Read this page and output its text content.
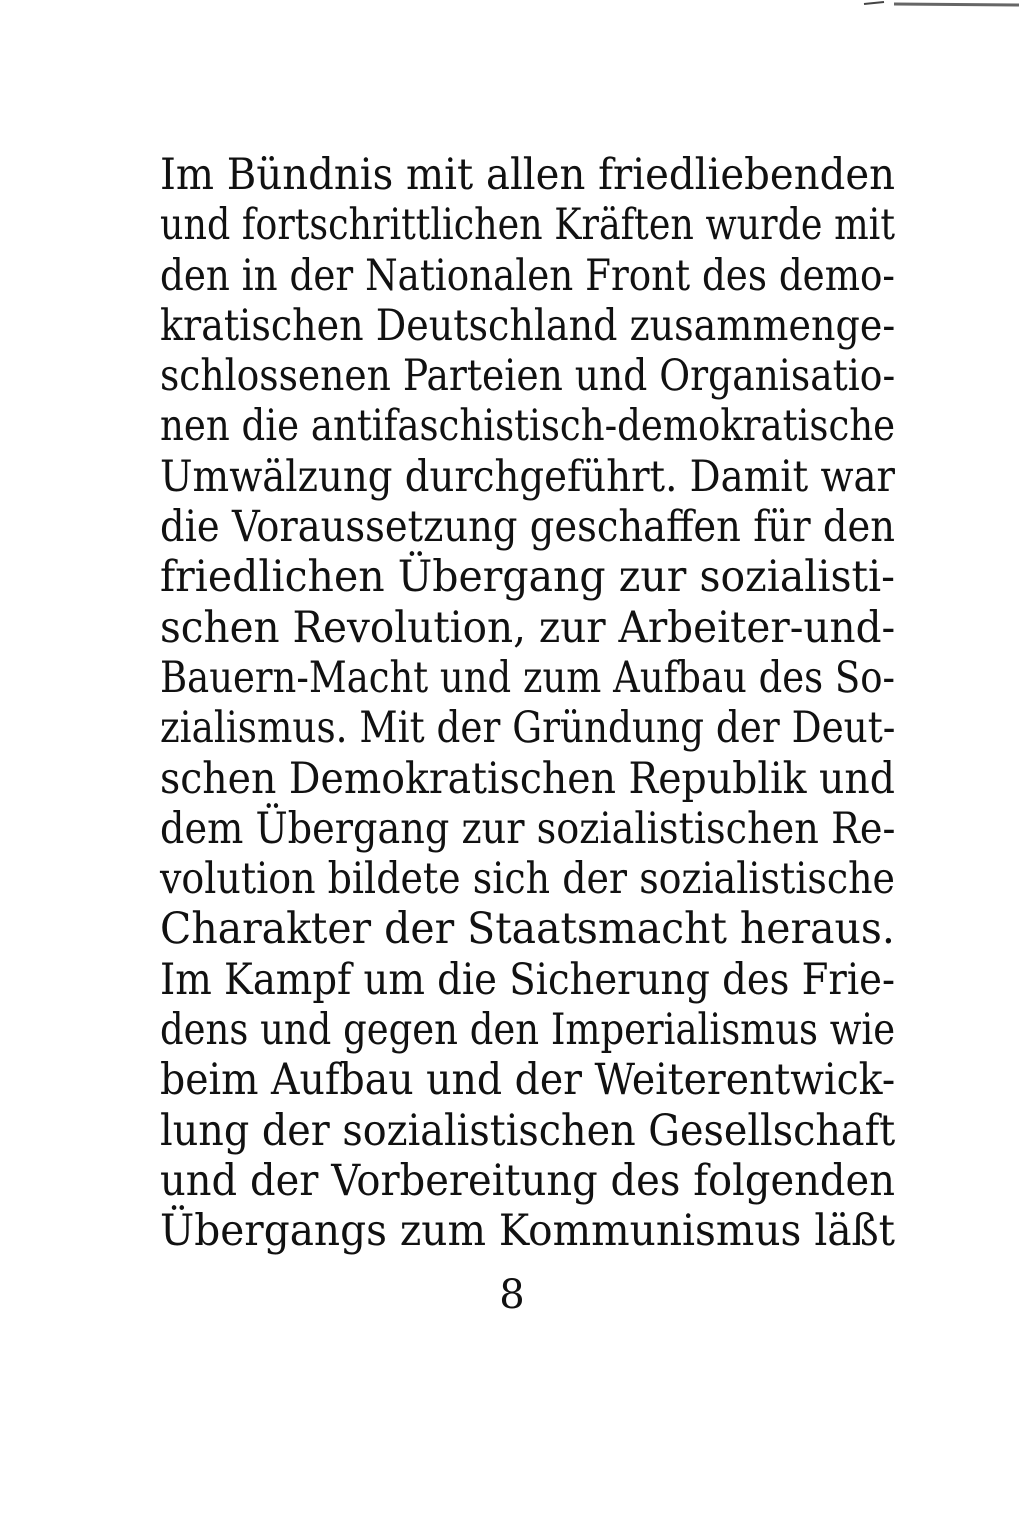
Im Bündnis mit allen friedliebenden
und fortschrittlichen Kräften wurde mit
den in der Nationalen Front des demo-
kratischen Deutschland zusammenge-
schlossenen Parteien und Organisatio-
nen die antifaschistisch-demokratische
Umwälzung durchgeführt. Damit war
die Voraussetzung geschaffen für den
friedlichen Übergang zur sozialisti-
schen Revolution, zur Arbeiter-und-
Bauern-Macht und zum Aufbau des So-
zialismus. Mit der Gründung der Deut-
schen Demokratischen Republik und
dem Übergang zur sozialistischen Re-
volution bildete sich der sozialistische
Charakter der Staatsmacht heraus.
Im Kampf um die Sicherung des Frie-
dens und gegen den Imperialismus wie
beim Aufbau und der Weiterentwick-
lung der sozialistischen Gesellschaft
und der Vorbereitung des folgenden
Übergangs zum Kommunismus läßt
8
